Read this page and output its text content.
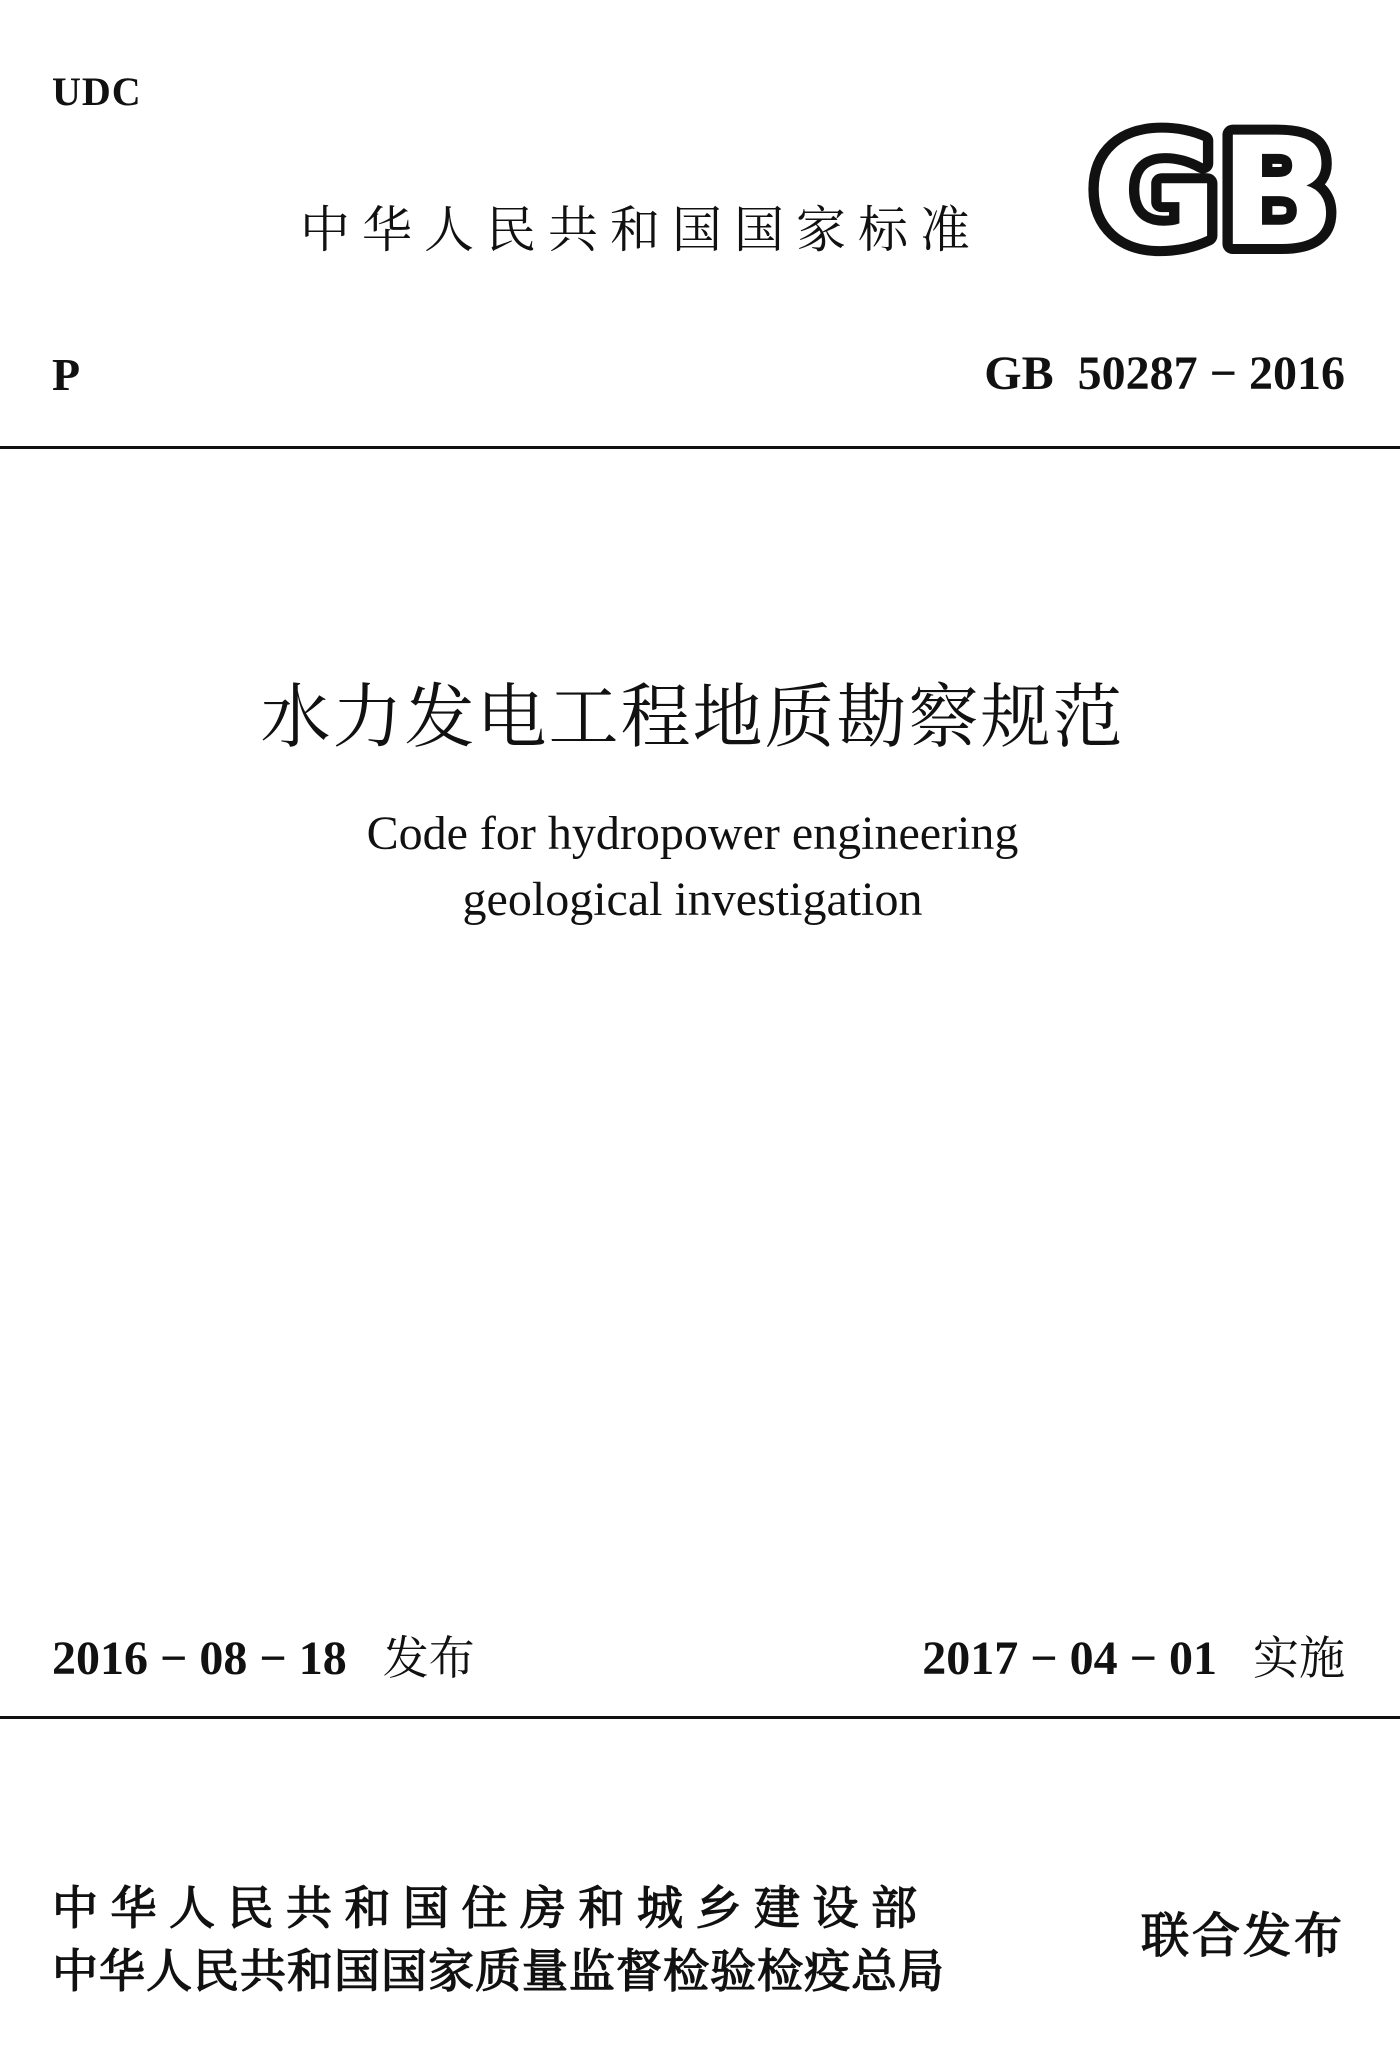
UDC
中华人民共和国国家标准 GB
P	GB  50287 − 2016
水力发电工程地质勘察规范
Code for hydropower engineering
geological investigation
2016 − 08 − 18 发布	2017 − 04 − 01 实施
中华人民共和国住房和城乡建设部
中华人民共和国国家质量监督检验检疫总局
联合发布
